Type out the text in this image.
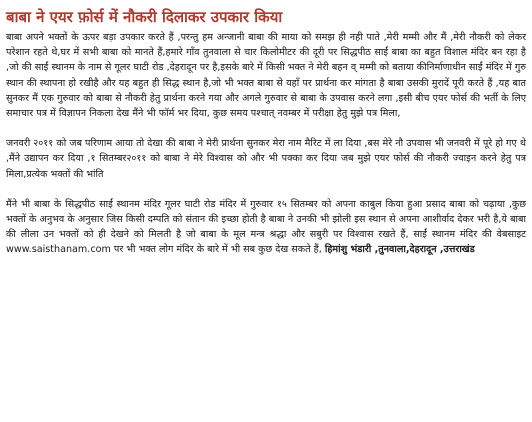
बाबा ने एयर फ़ोर्स में नौकरी दिलाकर उपकार किया

बाबा अपने भक्तों के ऊपर बड़ा उपकार करते हैं ,परन्तु हम अन्जानी बाबा की माया को समझ ही नही पाते ,मेरी मम्मी और मैं ,मेरी नौकरी को लेकर परेशान रहते थे,घर में सभी बाबा को मानते हैं,हमारे गाँव तुनवाला से चार किलोमीटर की दूरी पर सिद्धपीठ साईं बाबा का बहुत विशाल मंदिर बन रहा है ,जो की साईं स्थानम के नाम से गूलर घाटी रोड ,देहरादून पर है,इसके बारे में किसी भक्त ने मेरी बहन व् मम्मी को बताया कीनिर्माणाधीन साईं मंदिर में गुरु स्थान की स्थापना हो रखीहै और यह बहुत ही सिद्ध स्थान है,जो भी भक्त बाबा से यहाँ पर प्रार्थना कर मांगता है बाबा उसकी मुरादें पूरी करते हैं ,यह बात सुनकर मैं एक गुरुवार को बाबा से नौकरी हेतु प्रार्थना करने गया और अगले गुरुवार से बाबा के उपवास करने लगा ,इसी बीच एयर फोर्स की भर्ती के लिए समाचार पत्र में विज्ञापन निकला देख मैंने भी फॉर्म भर दिया, कुछ समय पश्चात् नवम्बर में परीक्षा हेतु मुझे पत्र मिला,

जनवरी २०११ को जब परिणाम आया तो देखा की बाबा ने मेरी प्रार्थना सुनकर मेरा नाम मैरिट में ला दिया ,बस मेरे नौ उपवास भी जनवरी में पूरे हो गए थे ,मैंने उद्यापन कर दिया ,१ सितम्बर२०११ को बाबा ने मेरे विश्वास को और भी पक्का कर दिया जब मुझे एयर फोर्स की नौकरी ज्वाइन करने हेतु पत्र मिला,प्रत्येक भक्तों की भांति

मैंने भी बाबा के सिद्धपीठ साईं स्थानम मंदिर गूलर घाटी रोड मंदिर में गुरुवार १५ सितम्बर को अपना काबुल किया हुआ प्रसाद बाबा को चढ़ाया ,कुछ भक्तों के अनुभव के अनुसार जिस किसी दम्पति को संतान की इच्छा होती है बाबा ने उनकी भी झोली इस स्थान से अपना आशीर्वाद देकर भरी है,ये बाबा की लीला उन भक्तों को ही देखने को मिलती है जो बाबा के मूल मन्त्र श्रद्धा और सबुरी पर विश्वास रखते हैं, साईं स्थानम मंदिर की वेबसाइट www.saisthanam.com पर भी भक्त लोग मंदिर के बारे में भी सब कुछ देख सकते हैं, हिमांशु भंडारी ,तुनवाला,देहरादून ,उत्तराखंड
